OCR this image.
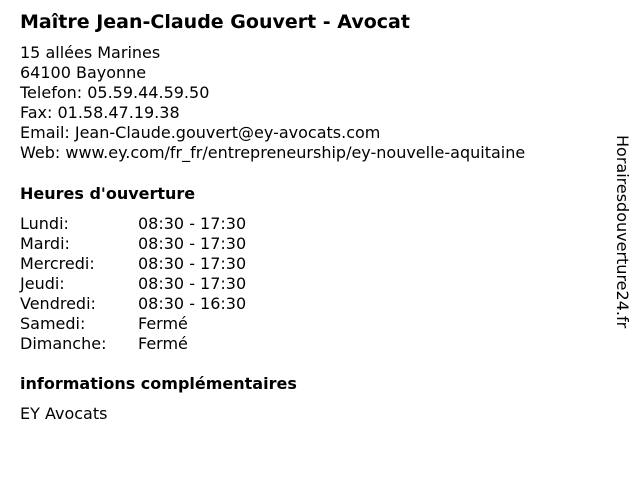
Maître Jean-Claude Gouvert - Avocat
15 allées Marines
64100 Bayonne
Telefon: 05.59.44.59.50
Fax: 01.58.47.19.38
Email: Jean-Claude.gouvert@ey-avocats.com
Web: www.ey.com/fr_fr/entrepreneurship/ey-nouvelle-aquitaine
Heures d'ouverture
Lundi:	08:30 - 17:30
Mardi:	08:30 - 17:30
Mercredi:	08:30 - 17:30
Jeudi:	08:30 - 17:30
Vendredi:	08:30 - 16:30
Samedi:	Fermé
Dimanche: Fermé
informations complémentaires
EY Avocats
Horairesdouverture24.fr
